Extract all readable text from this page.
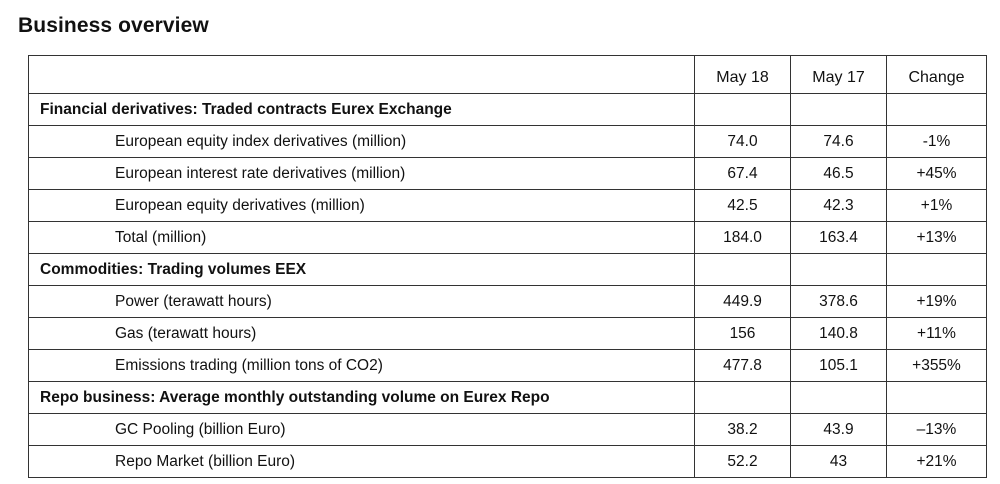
Business overview
	May 18	May 17	Change
Financial derivatives: Traded contracts Eurex Exchange			
European equity index derivatives (million)	74.0	74.6	-1%
European interest rate derivatives (million)	67.4	46.5	+45%
European equity derivatives (million)	42.5	42.3	+1%
Total (million)	184.0	163.4	+13%
Commodities: Trading volumes EEX			
Power (terawatt hours)	449.9	378.6	+19%
Gas (terawatt hours)	156	140.8	+11%
Emissions trading (million tons of CO2)	477.8	105.1	+355%
Repo business: Average monthly outstanding volume on Eurex Repo			
GC Pooling (billion Euro)	38.2	43.9	–13%
Repo Market (billion Euro)	52.2	43	+21%
